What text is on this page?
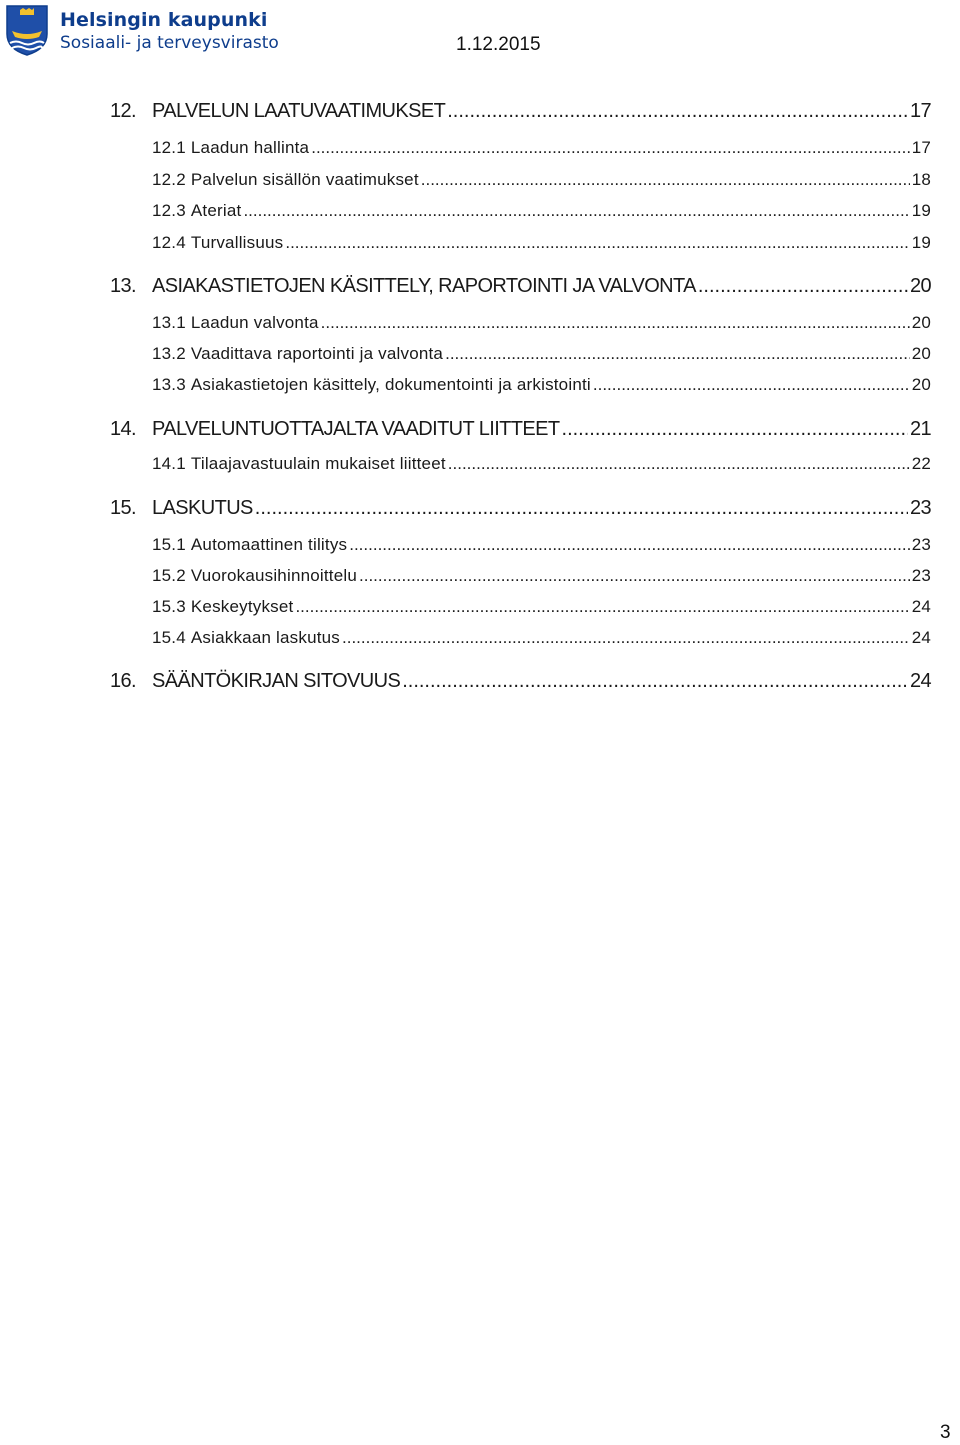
Helsingin kaupunki
Sosiaali- ja terveysvirasto	1.12.2015
12. PALVELUN LAATUVAATIMUKSET .....	17
12.1 Laadun hallinta .....	17
12.2 Palvelun sisällön vaatimukset .....	18
12.3 Ateriat .....	19
12.4 Turvallisuus .....	19
13. ASIAKASTIETOJEN KÄSITTELY, RAPORTOINTI JA VALVONTA .....	20
13.1 Laadun valvonta .....	20
13.2 Vaadittava raportointi ja valvonta .....	20
13.3 Asiakastietojen käsittely, dokumentointi ja arkistointi .....	20
14. PALVELUNTUOTTAJALTA VAADITUT LIITTEET .....	21
14.1 Tilaajavastuulain mukaiset liitteet .....	22
15. LASKUTUS .....	23
15.1 Automaattinen tilitys .....	23
15.2 Vuorokausihinnoittelu .....	23
15.3 Keskeytykset .....	24
15.4 Asiakkaan laskutus .....	24
16. SÄÄNTÖKIRJAN SITOVUUS .....	24
3
